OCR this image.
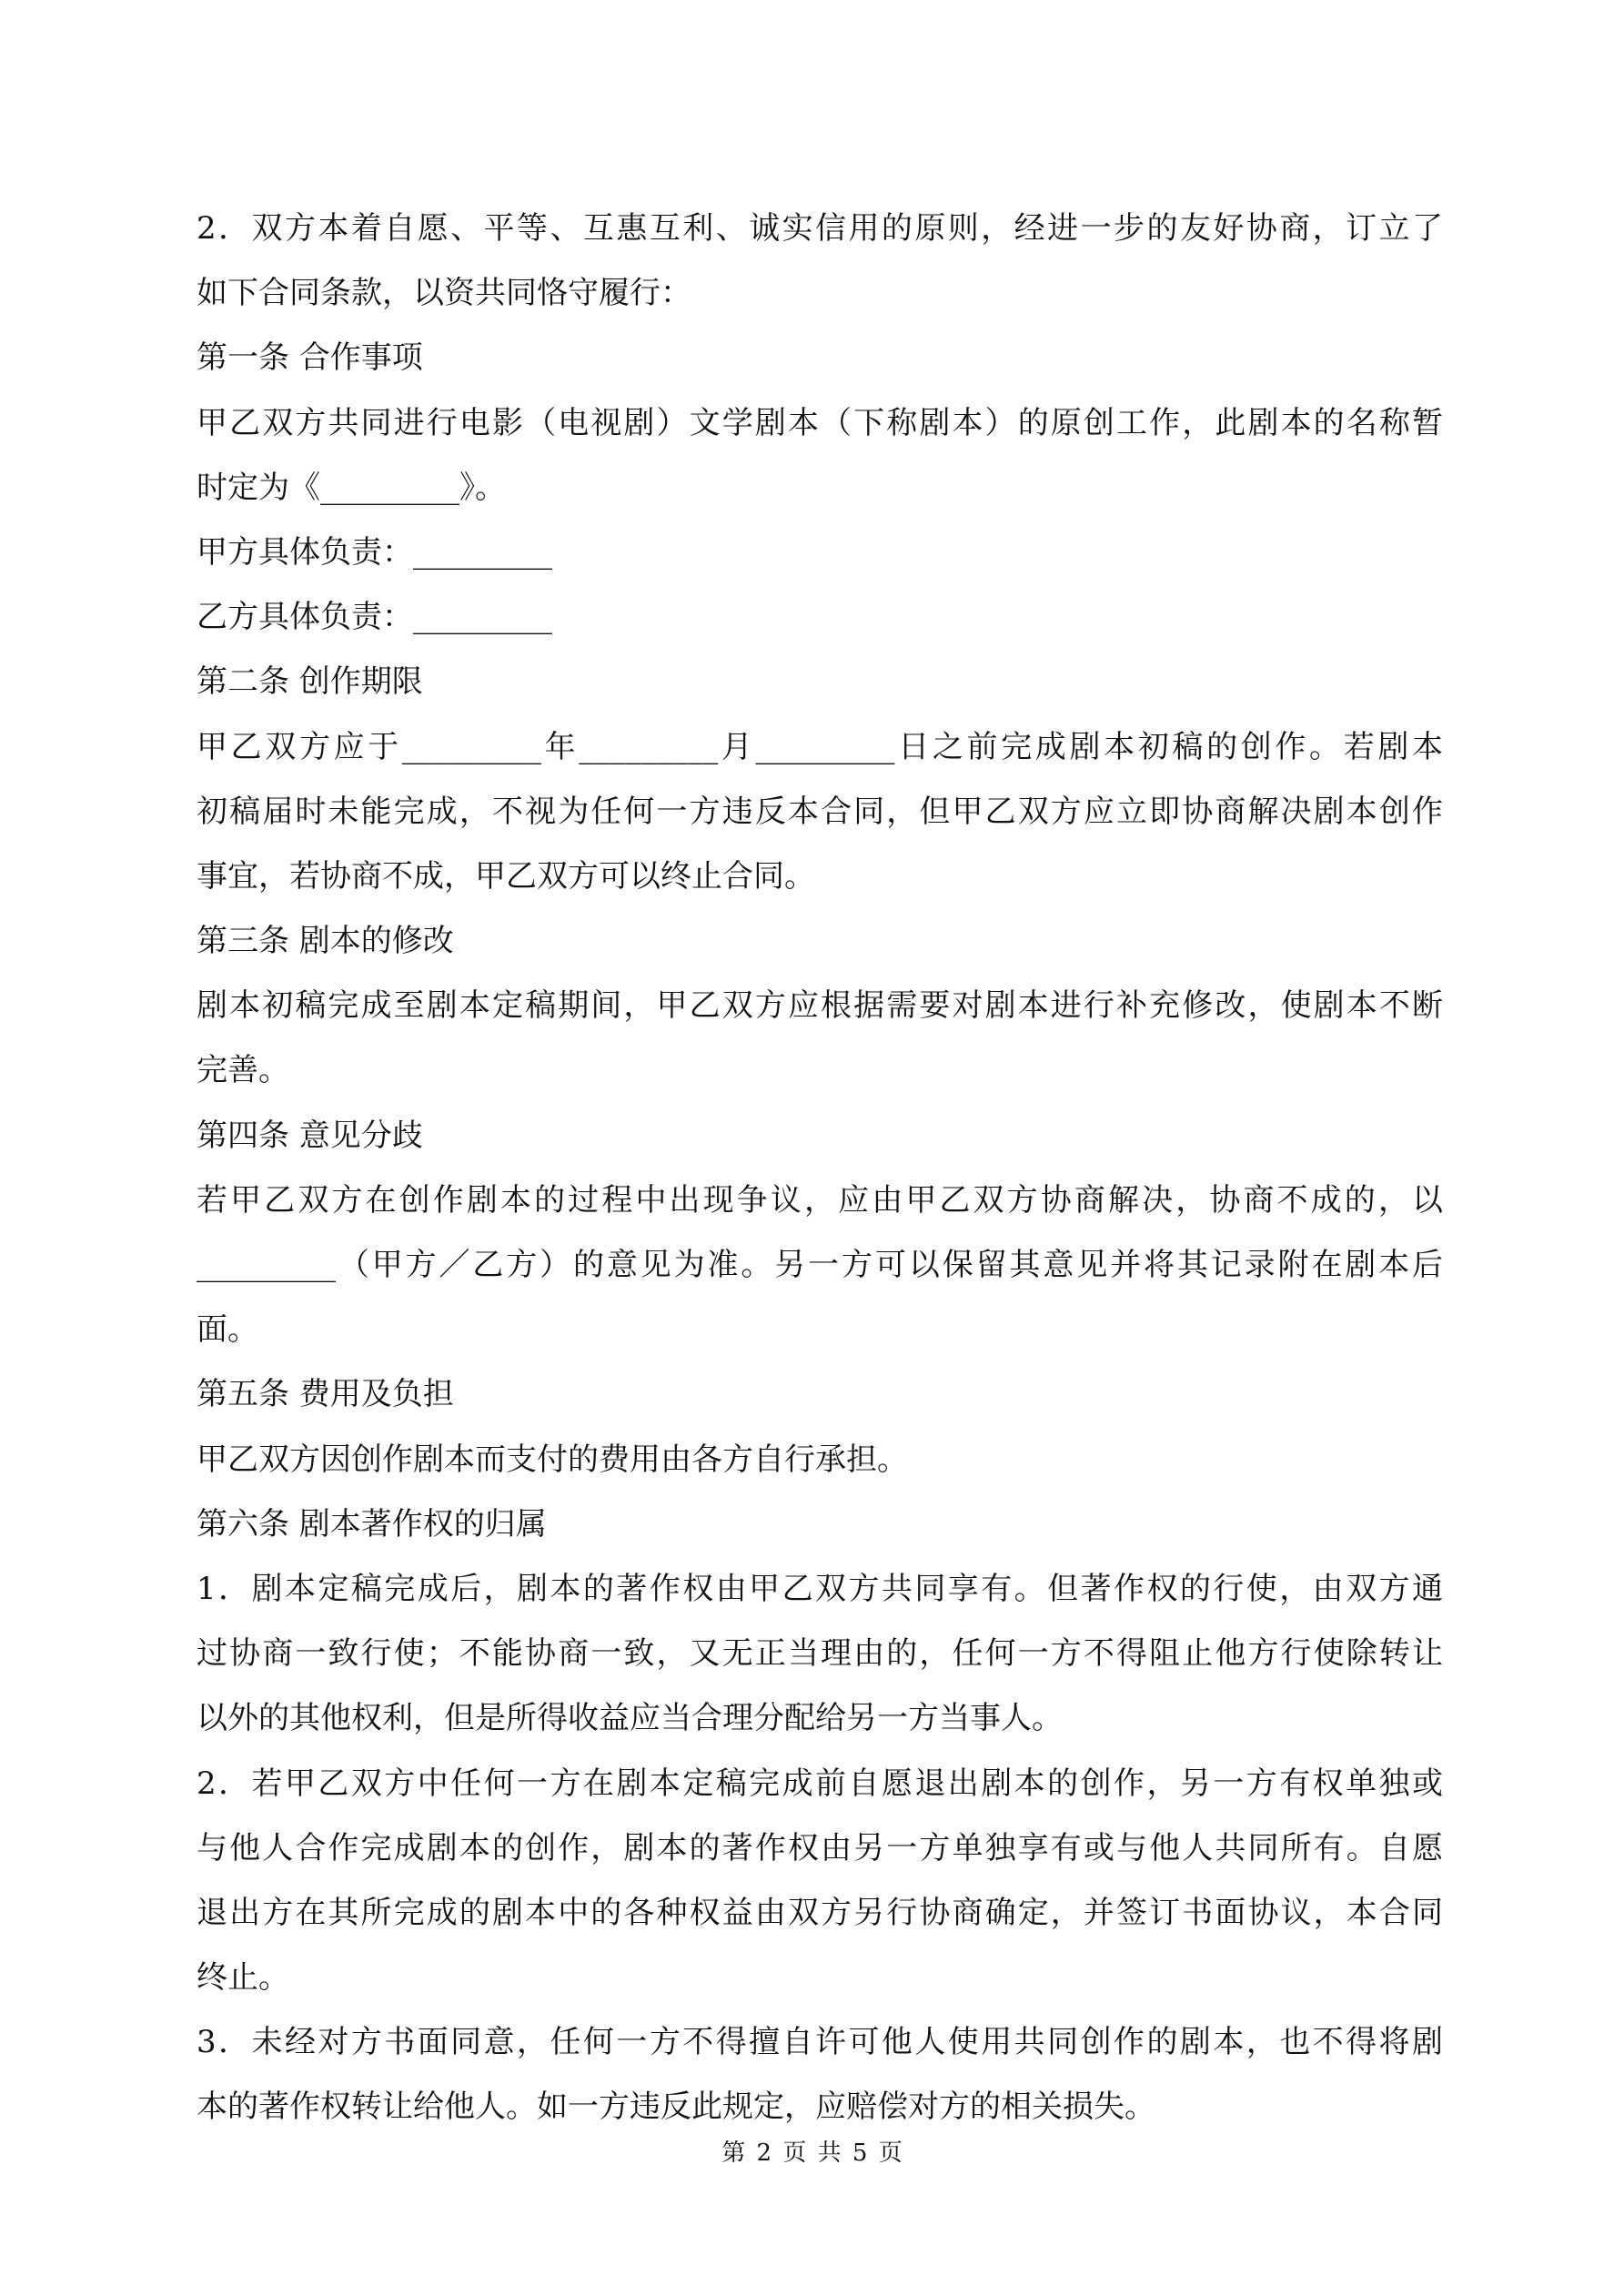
2．双方本着自愿、平等、互惠互利、诚实信用的原则，经进一步的友好协商，订立了
如下合同条款，以资共同恪守履行：
第一条 合作事项
甲乙双方共同进行电影（电视剧）文学剧本（下称剧本）的原创工作，此剧本的名称暂
时定为《_________》。
甲方具体负责：_________
乙方具体负责：_________
第二条 创作期限
甲乙双方应于_________年_________月_________日之前完成剧本初稿的创作。若剧本
初稿届时未能完成，不视为任何一方违反本合同，但甲乙双方应立即协商解决剧本创作
事宜，若协商不成，甲乙双方可以终止合同。
第三条 剧本的修改
剧本初稿完成至剧本定稿期间，甲乙双方应根据需要对剧本进行补充修改，使剧本不断
完善。
第四条 意见分歧
若甲乙双方在创作剧本的过程中出现争议，应由甲乙双方协商解决，协商不成的，以
_________（甲方／乙方）的意见为准。另一方可以保留其意见并将其记录附在剧本后
面。
第五条 费用及负担
甲乙双方因创作剧本而支付的费用由各方自行承担。
第六条 剧本著作权的归属
1．剧本定稿完成后，剧本的著作权由甲乙双方共同享有。但著作权的行使，由双方通
过协商一致行使；不能协商一致，又无正当理由的，任何一方不得阻止他方行使除转让
以外的其他权利，但是所得收益应当合理分配给另一方当事人。
2．若甲乙双方中任何一方在剧本定稿完成前自愿退出剧本的创作，另一方有权单独或
与他人合作完成剧本的创作，剧本的著作权由另一方单独享有或与他人共同所有。自愿
退出方在其所完成的剧本中的各种权益由双方另行协商确定，并签订书面协议，本合同
终止。
3．未经对方书面同意，任何一方不得擅自许可他人使用共同创作的剧本，也不得将剧
本的著作权转让给他人。如一方违反此规定，应赔偿对方的相关损失。
第 2 页 共 5 页
